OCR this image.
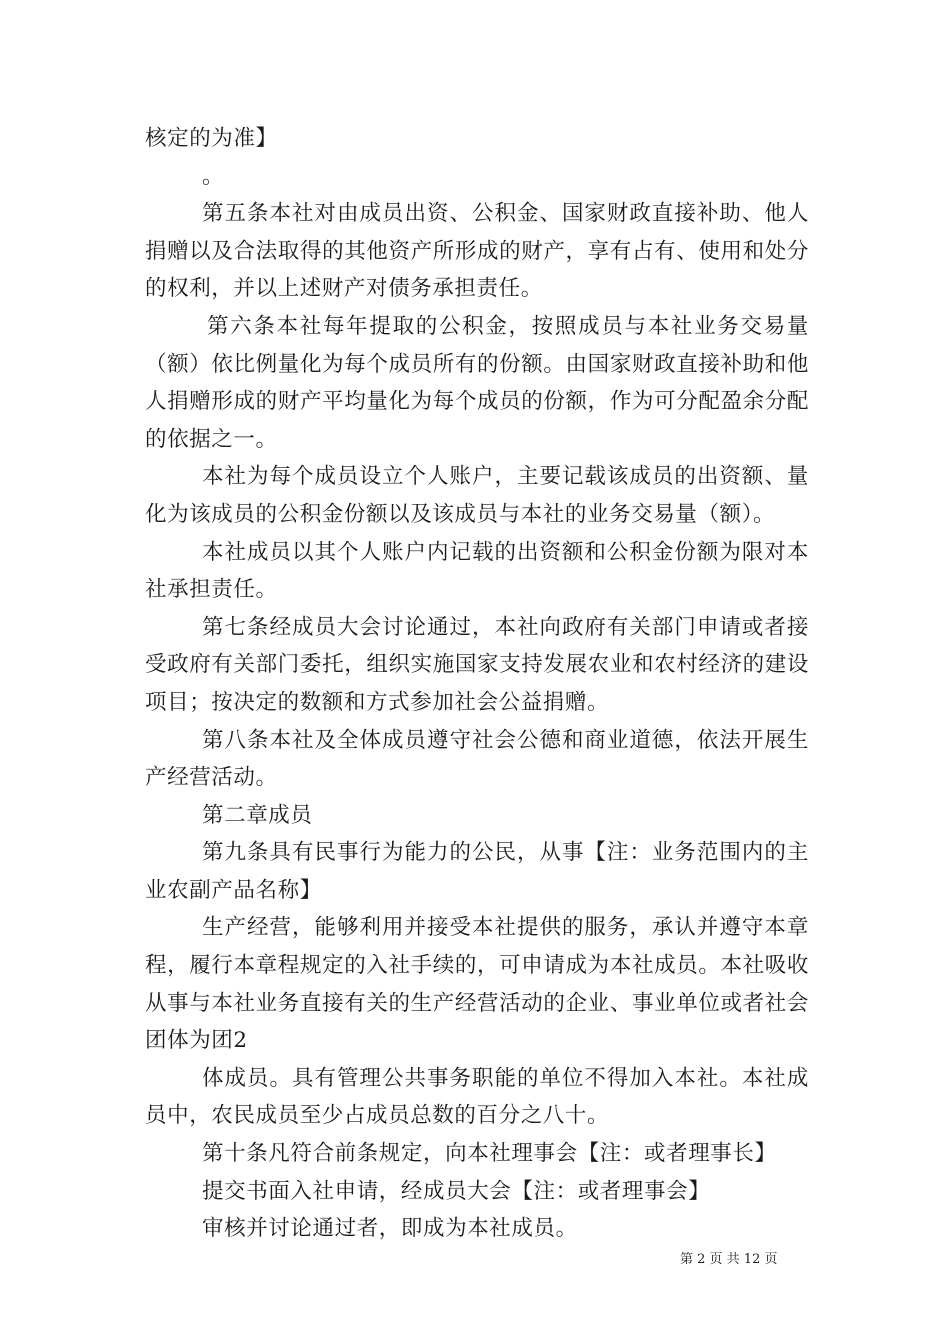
核定的为准】

。

第五条本社对由成员出资、公积金、国家财政直接补助、他人捐赠以及合法取得的其他资产所形成的财产，享有占有、使用和处分的权利，并以上述财产对债务承担责任。

第六条本社每年提取的公积金，按照成员与本社业务交易量（额）依比例量化为每个成员所有的份额。由国家财政直接补助和他人捐赠形成的财产平均量化为每个成员的份额，作为可分配盈余分配的依据之一。

本社为每个成员设立个人账户，主要记载该成员的出资额、量化为该成员的公积金份额以及该成员与本社的业务交易量（额）。

本社成员以其个人账户内记载的出资额和公积金份额为限对本社承担责任。

第七条经成员大会讨论通过，本社向政府有关部门申请或者接受政府有关部门委托，组织实施国家支持发展农业和农村经济的建设项目；按决定的数额和方式参加社会公益捐赠。

第八条本社及全体成员遵守社会公德和商业道德，依法开展生产经营活动。

第二章成员

第九条具有民事行为能力的公民，从事【注：业务范围内的主业农副产品名称】

生产经营，能够利用并接受本社提供的服务，承认并遵守本章程，履行本章程规定的入社手续的，可申请成为本社成员。本社吸收从事与本社业务直接有关的生产经营活动的企业、事业单位或者社会团体为团2

体成员。具有管理公共事务职能的单位不得加入本社。本社成员中，农民成员至少占成员总数的百分之八十。

第十条凡符合前条规定，向本社理事会【注：或者理事长】

提交书面入社申请，经成员大会【注：或者理事会】

审核并讨论通过者，即成为本社成员。

第 2 页 共 12 页
